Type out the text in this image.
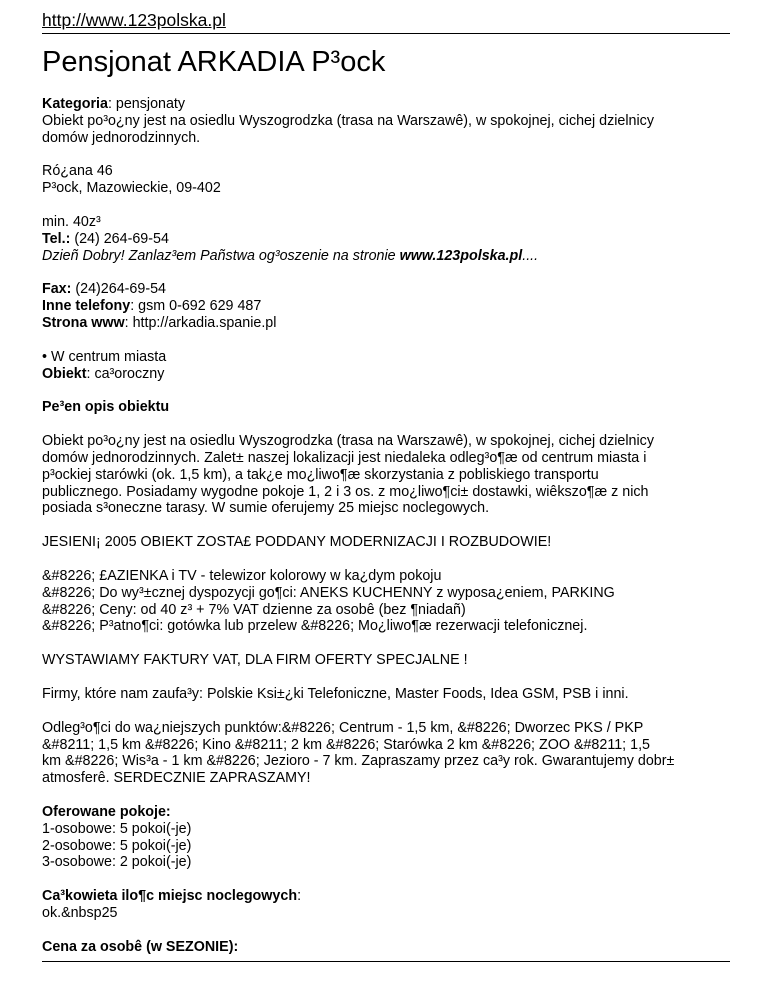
http://www.123polska.pl
Pensjonat ARKADIA P³ock
Kategoria: pensjonaty
Obiekt po³o¿ny jest na osiedlu Wyszogrodzka (trasa na Warszawê), w spokojnej, cichej dzielnicy
domów jednorodzinnych.
Ró¿ana 46
P³ock, Mazowieckie, 09-402
min. 40z³
Tel.: (24) 264-69-54
Dzieñ Dobry! Zanlaz³em Pañstwa og³oszenie na stronie www.123polska.pl....
Fax: (24)264-69-54
Inne telefony: gsm 0-692 629 487
Strona www: http://arkadia.spanie.pl
• W centrum miasta
Obiekt: ca³oroczny
Pe³en opis obiektu
Obiekt po³o¿ny jest na osiedlu Wyszogrodzka (trasa na Warszawê), w spokojnej, cichej dzielnicy
domów jednorodzinnych. Zalet± naszej lokalizacji jest niedaleka odleg³o¶æ od centrum miasta i
p³ockiej starówki (ok. 1,5 km), a tak¿e mo¿liwo¶æ skorzystania z pobliskiego transportu
publicznego. Posiadamy wygodne pokoje 1, 2 i 3 os. z mo¿liwo¶ci± dostawki, wiêkszo¶æ z nich
posiada s³oneczne tarasy. W sumie oferujemy 25 miejsc noclegowych.
JESIENI¡ 2005 OBIEKT ZOSTA£ PODDANY MODERNIZACJI I ROZBUDOWIE!
&#8226; £AZIENKA i TV - telewizor kolorowy w ka¿dym pokoju
&#8226; Do wy³±cznej dyspozycji go¶ci: ANEKS KUCHENNY z wyposa¿eniem, PARKING
&#8226; Ceny: od 40 z³ + 7% VAT dzienne za osobê (bez ¶niadañ)
&#8226; P³atno¶ci: gotówka lub przelew &#8226; Mo¿liwo¶æ rezerwacji telefonicznej.
WYSTAWIAMY FAKTURY VAT, DLA FIRM OFERTY SPECJALNE !
Firmy, które nam zaufa³y: Polskie Ksi±¿ki Telefoniczne, Master Foods, Idea GSM, PSB i inni.
Odleg³o¶ci do wa¿niejszych punktów:&#8226; Centrum - 1,5 km, &#8226; Dworzec PKS / PKP
&#8211; 1,5 km &#8226; Kino &#8211; 2 km &#8226; Starówka 2 km &#8226; ZOO &#8211; 1,5
km &#8226; Wis³a - 1 km &#8226; Jezioro - 7 km. Zapraszamy przez ca³y rok. Gwarantujemy dobr±
atmosferê. SERDECZNIE ZAPRASZAMY!
Oferowane pokoje:
1-osobowe: 5 pokoi(-je)
2-osobowe: 5 pokoi(-je)
3-osobowe: 2 pokoi(-je)
Ca³kowieta ilo¶c miejsc noclegowych:
ok.&nbsp25
Cena za osobê (w SEZONIE):
